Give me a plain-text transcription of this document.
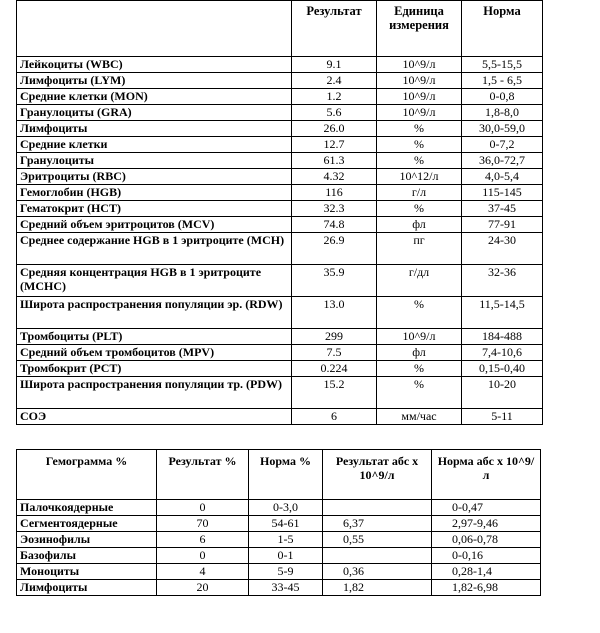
	Результат	Единица измерения	Норма
Лейкоциты (WBC)	9.1	10^9/л	5,5-15,5
Лимфоциты (LYM)	2.4	10^9/л	1,5 - 6,5
Средние клетки (MON)	1.2	10^9/л	0-0,8
Гранулоциты (GRA)	5.6	10^9/л	1,8-8,0
Лимфоциты	26.0	%	30,0-59,0
Средние клетки	12.7	%	0-7,2
Гранулоциты	61.3	%	36,0-72,7
Эритроциты (RBC)	4.32	10^12/л	4,0-5,4
Гемоглобин (HGB)	116	г/л	115-145
Гематокрит (HCT)	32.3	%	37-45
Средний объем эритроцитов (MCV)	74.8	фл	77-91
Среднее содержание HGB в 1 эритроците (MCH)	26.9	пг	24-30
Средняя концентрация HGB в 1 эритроците (MCHC)	35.9	г/дл	32-36
Широта распространения популяции эр. (RDW)	13.0	%	11,5-14,5
Тромбоциты (PLT)	299	10^9/л	184-488
Средний объем тромбоцитов (MPV)	7.5	фл	7,4-10,6
Тромбокрит (PCT)	0.224	%	0,15-0,40
Широта распространения популяции тр. (PDW)	15.2	%	10-20
СОЭ	6	мм/час	5-11
Гемограмма %	Результат %	Норма %	Результат абс х 10^9/л	Норма абс х 10^9/л
Палочкоядерные	0	0-3,0		0-0,47
Сегментоядерные	70	54-61	6,37	2,97-9,46
Эозинофилы	6	1-5	0,55	0,06-0,78
Базофилы	0	0-1		0-0,16
Моноциты	4	5-9	0,36	0,28-1,4
Лимфоциты	20	33-45	1,82	1,82-6,98
